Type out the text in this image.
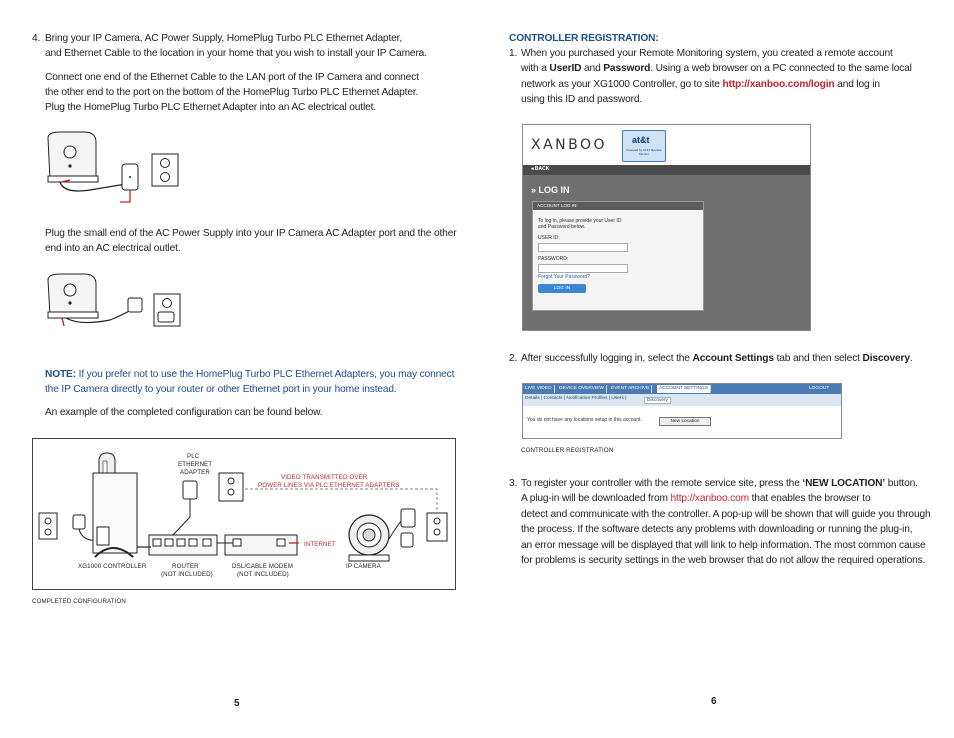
4. Bring your IP Camera, AC Power Supply, HomePlug Turbo PLC Ethernet Adapter,
and Ethernet Cable to the location in your home that you wish to install your IP Camera.
Connect one end of the Ethernet Cable to the LAN port of the IP Camera and connect
the other end to the port on the bottom of the HomePlug Turbo PLC Ethernet Adapter.
Plug the HomePlug Turbo PLC Ethernet Adapter into an AC electrical outlet.
Plug the small end of the AC Power Supply into your IP Camera AC Adapter port and the other
end into an AC electrical outlet.
NOTE: If you prefer not to use the HomePlug Turbo PLC Ethernet Adapters, you may connect
the IP Camera directly to your router or other Ethernet port in your home instead.
An example of the completed configuration can be found below.
PLC
ETHERNET
ADAPTER
VIDEO TRANSMITTED OVER
POWER LINES VIA PLC ETHERNET ADAPTERS
INTERNET
XG1000 CONTROLLER	ROUTER
(NOT INCLUDED)
DSL/CABLE MODEM
(NOT INCLUDED)
IP CAMERA
COMPLETED CONFIGURATION
5
CONTROLLER REGISTRATION:
1. When you purchased your Remote Monitoring system, you created a remote account
with a UserID and Password. Using a web browser on a PC connected to the same local
network as your XG1000 Controller, go to site http://xanboo.com/login and log in
using this ID and password.
XANBOO	at&t
Powered by AT&T Remote Monitor
◂ BACK
» LOG IN
ACCOUNT LOG IN:
To log in, please provide your User ID
and Password below.
USER ID:
PASSWORD:
Forgot Your Password?
LOG IN
2. After successfully logging in, select the Account Settings tab and then select Discovery.
LIVE VIDEO	DEVICE OVERVIEW	EVENT ARCHIVE	ACCOUNT SETTINGS	LOGOUT
Details | Contacts | Notification Profiles | Users |	Discovery
You do not have any locations setup in this account.	New Location
CONTROLLER REGISTRATION
3. To register your controller with the remote service site, press the ‘NEW LOCATION’ button.
A plug-in will be downloaded from http://xanboo.com that enables the browser to
detect and communicate with the controller. A pop-up will be shown that will guide you through
the process. If the software detects any problems with downloading or running the plug-in,
an error message will be displayed that will link to help information. The most common cause
for problems is security settings in the web browser that do not allow the required operations.
6
